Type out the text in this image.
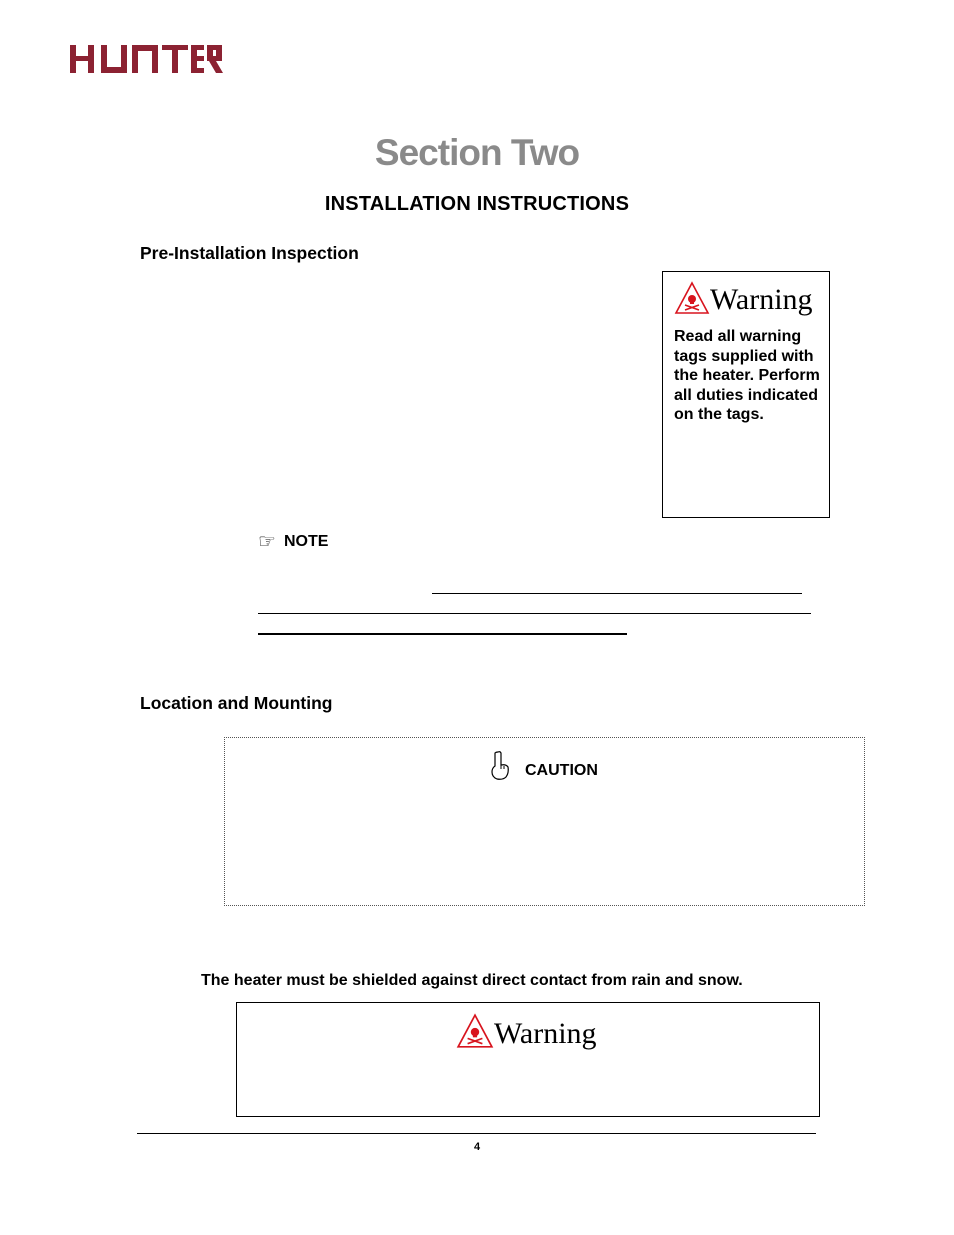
Section Two
INSTALLATION INSTRUCTIONS
Pre-Installation Inspection
Warning
Read all warning tags supplied with the heater. Perform all duties indicated on the tags.
☞ NOTE
Location and Mounting
CAUTION
The heater must be shielded against direct contact from rain and snow.
Warning
4
